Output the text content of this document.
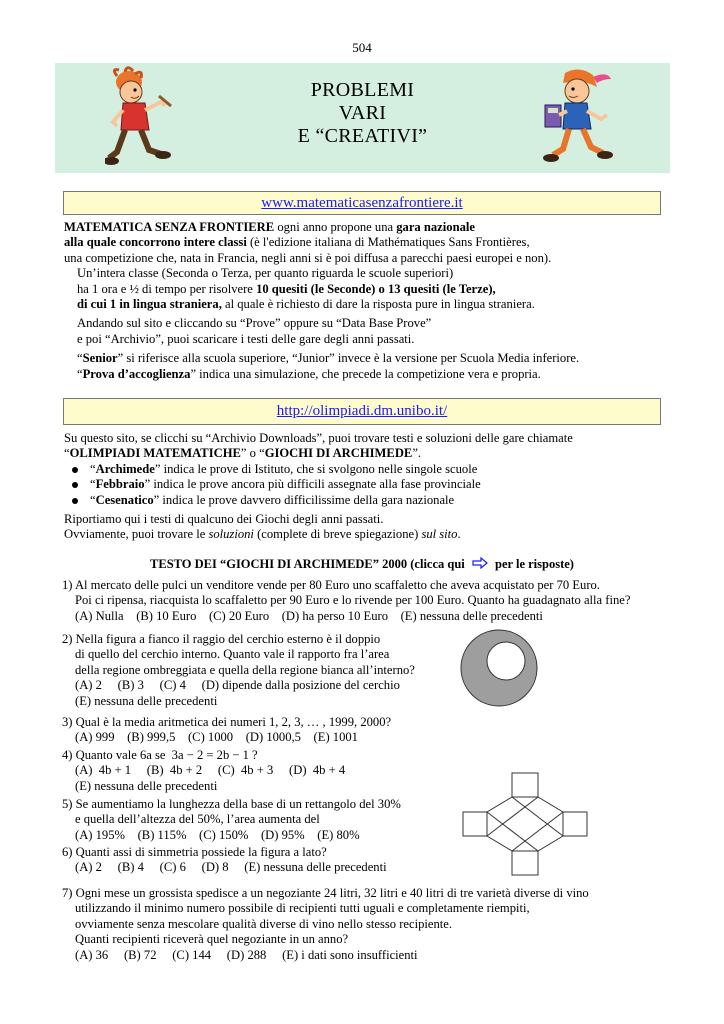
504
PROBLEMI
VARI
E “CREATIVI”
www.matematicasenzafrontiere.it
MATEMATICA SENZA FRONTIERE ogni anno propone una gara nazionale
alla quale concorrono intere classi (è l'edizione italiana di Mathématiques Sans Frontières,
una competizione che, nata in Francia, negli anni si è poi diffusa a parecchi paesi europei e non).
Un’intera classe (Seconda o Terza, per quanto riguarda le scuole superiori)
ha 1 ora e ½ di tempo per risolvere 10 quesiti (le Seconde) o 13 quesiti (le Terze),
di cui 1 in lingua straniera, al quale è richiesto di dare la risposta pure in lingua straniera.
Andando sul sito e cliccando su “Prove” oppure su “Data Base Prove”
e poi “Archivio”, puoi scaricare i testi delle gare degli anni passati.
“Senior” si riferisce alla scuola superiore, “Junior” invece è la versione per Scuola Media inferiore.
“Prova d’accoglienza” indica una simulazione, che precede la competizione vera e propria.
http://olimpiadi.dm.unibo.it/
Su questo sito, se clicchi su “Archivio Downloads”, puoi trovare testi e soluzioni delle gare chiamate
“OLIMPIADI MATEMATICHE” o “GIOCHI DI ARCHIMEDE”.
“Archimede” indica le prove di Istituto, che si svolgono nelle singole scuole
“Febbraio” indica le prove ancora più difficili assegnate alla fase provinciale
“Cesenatico” indica le prove davvero difficilissime della gara nazionale
Riportiamo qui i testi di qualcuno dei Giochi degli anni passati.
Ovviamente, puoi trovare le soluzioni (complete di breve spiegazione) sul sito.
TESTO DEI “GIOCHI DI ARCHIMEDE” 2000 (clicca qui per le risposte)
1) Al mercato delle pulci un venditore vende per 80 Euro uno scaffaletto che aveva acquistato per 70 Euro.
Poi ci ripensa, riacquista lo scaffaletto per 90 Euro e lo rivende per 100 Euro. Quanto ha guadagnato alla fine?
(A) Nulla    (B) 10 Euro    (C) 20 Euro    (D) ha perso 10 Euro    (E) nessuna delle precedenti
2) Nella figura a fianco il raggio del cerchio esterno è il doppio
di quello del cerchio interno. Quanto vale il rapporto fra l’area
della regione ombreggiata e quella della regione bianca all’interno?
(A) 2     (B) 3     (C) 4     (D) dipende dalla posizione del cerchio
(E) nessuna delle precedenti
3) Qual è la media aritmetica dei numeri 1, 2, 3, … , 1999, 2000?
(A) 999    (B) 999,5    (C) 1000    (D) 1000,5    (E) 1001
4) Quanto vale 6a se 3a − 2 = 2b − 1 ?
(A)  4b + 1     (B)  4b + 2     (C)  4b + 3     (D)  4b + 4
(E) nessuna delle precedenti
5) Se aumentiamo la lunghezza della base di un rettangolo del 30%
e quella dell’altezza del 50%, l’area aumenta del
(A) 195%    (B) 115%    (C) 150%    (D) 95%    (E) 80%
6) Quanti assi di simmetria possiede la figura a lato?
(A) 2     (B) 4     (C) 6     (D) 8     (E) nessuna delle precedenti
7) Ogni mese un grossista spedisce a un negoziante 24 litri, 32 litri e 40 litri di tre varietà diverse di vino
utilizzando il minimo numero possibile di recipienti tutti uguali e completamente riempiti,
ovviamente senza mescolare qualità diverse di vino nello stesso recipiente.
Quanti recipienti riceverà quel negoziante in un anno?
(A) 36     (B) 72     (C) 144     (D) 288     (E) i dati sono insufficienti
